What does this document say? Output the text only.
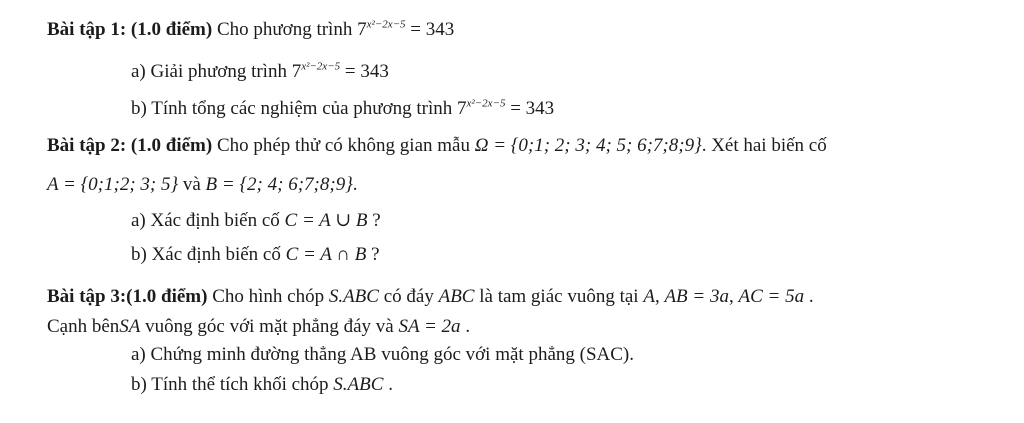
Bài tập 1: (1.0 điểm) Cho phương trình $7^{x^2-2x-5} = 343$
a) Giải phương trình $7^{x^2-2x-5} = 343$
b) Tính tổng các nghiệm của phương trình $7^{x^2-2x-5} = 343$
Bài tập 2: (1.0 điểm) Cho phép thử có không gian mẫu Ω = {0;1; 2; 3; 4; 5; 6;7;8;9}. Xét hai biến cố
A = {0;1;2; 3; 5} và B = {2; 4; 6;7;8;9}.
a) Xác định biến cố C = A ∪ B ?
b) Xác định biến cố C = A ∩ B ?
Bài tập 3:(1.0 điểm) Cho hình chóp S.ABC có đáy ABC là tam giác vuông tại A, AB = 3a, AC = 5a .
Cạnh bênSA vuông góc với mặt phẳng đáy và SA = 2a .
a) Chứng minh đường thẳng AB vuông góc với mặt phẳng (SAC).
b) Tính thể tích khối chóp S.ABC .
